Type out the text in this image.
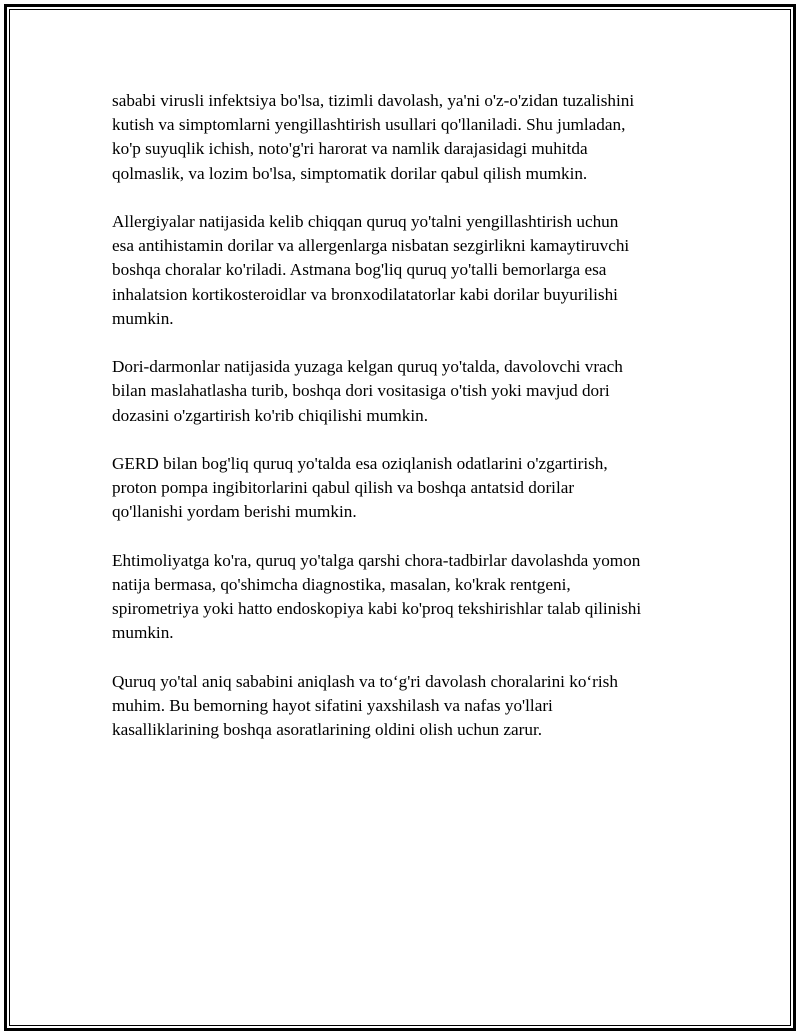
sababi virusli infektsiya bo'lsa, tizimli davolash, ya'ni o'z-o'zidan tuzalishini
kutish va simptomlarni yengillashtirish usullari qo'llaniladi. Shu jumladan,
ko'p suyuqlik ichish, noto'g'ri harorat va namlik darajasidagi muhitda
qolmaslik, va lozim bo'lsa, simptomatik dorilar qabul qilish mumkin.

Allergiyalar natijasida kelib chiqqan quruq yo'talni yengillashtirish uchun
esa antihistamin dorilar va allergenlarga nisbatan sezgirlikni kamaytiruvchi
boshqa choralar ko'riladi. Astmana bog'liq quruq yo'talli bemorlarga esa
inhalatsion kortikosteroidlar va bronxodilatatorlar kabi dorilar buyurilishi
mumkin.

Dori-darmonlar natijasida yuzaga kelgan quruq yo'talda, davolovchi vrach
bilan maslahatlasha turib, boshqa dori vositasiga o'tish yoki mavjud dori
dozasini o'zgartirish ko'rib chiqilishi mumkin.

GERD bilan bog'liq quruq yo'talda esa oziqlanish odatlarini o'zgartirish,
proton pompa ingibitorlarini qabul qilish va boshqa antatsid dorilar
qo'llanishi yordam berishi mumkin.

Ehtimoliyatga ko'ra, quruq yo'talga qarshi chora-tadbirlar davolashda yomon
natija bermasa, qo'shimcha diagnostika, masalan, ko'krak rentgeni,
spirometriya yoki hatto endoskopiya kabi ko'proq tekshirishlar talab qilinishi
mumkin.

Quruq yo'tal aniq sababini aniqlash va to‘g'ri davolash choralarini ko‘rish
muhim. Bu bemorning hayot sifatini yaxshilash va nafas yo'llari
kasalliklarining boshqa asoratlarining oldini olish uchun zarur.
